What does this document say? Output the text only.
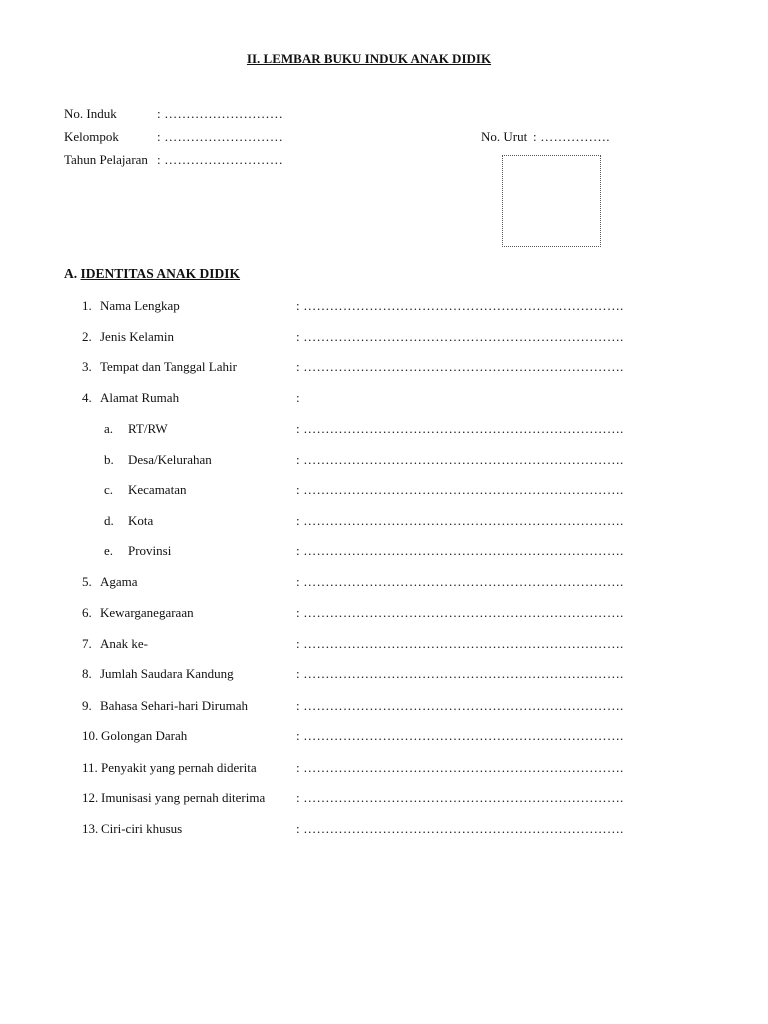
II. LEMBAR BUKU INDUK ANAK DIDIK
No. Induk	: ………………………
Kelompok	: ………………………
Tahun Pelajaran : ………………………
No. Urut : …………….
A. IDENTITAS ANAK DIDIK
1. Nama Lengkap	: ……………………………………………………………….
2. Jenis Kelamin	: ……………………………………………………………….
3. Tempat dan Tanggal Lahir	: ……………………………………………………………….
4. Alamat Rumah	:
a. RT/RW	: ……………………………………………………………….
b. Desa/Kelurahan	: ……………………………………………………………….
c. Kecamatan	: ……………………………………………………………….
d. Kota	: ……………………………………………………………….
e. Provinsi	: ……………………………………………………………….
5. Agama	: ……………………………………………………………….
6. Kewarganegaraan	: ……………………………………………………………….
7. Anak ke-	: ……………………………………………………………….
8. Jumlah Saudara Kandung	: ……………………………………………………………….
9. Bahasa Sehari-hari Dirumah	: ……………………………………………………………….
10. Golongan Darah	: ……………………………………………………………….
11. Penyakit yang pernah diderita	: ……………………………………………………………….
12. Imunisasi yang pernah diterima : ……………………………………………………………….
13. Ciri-ciri khusus	: ……………………………………………………………….
